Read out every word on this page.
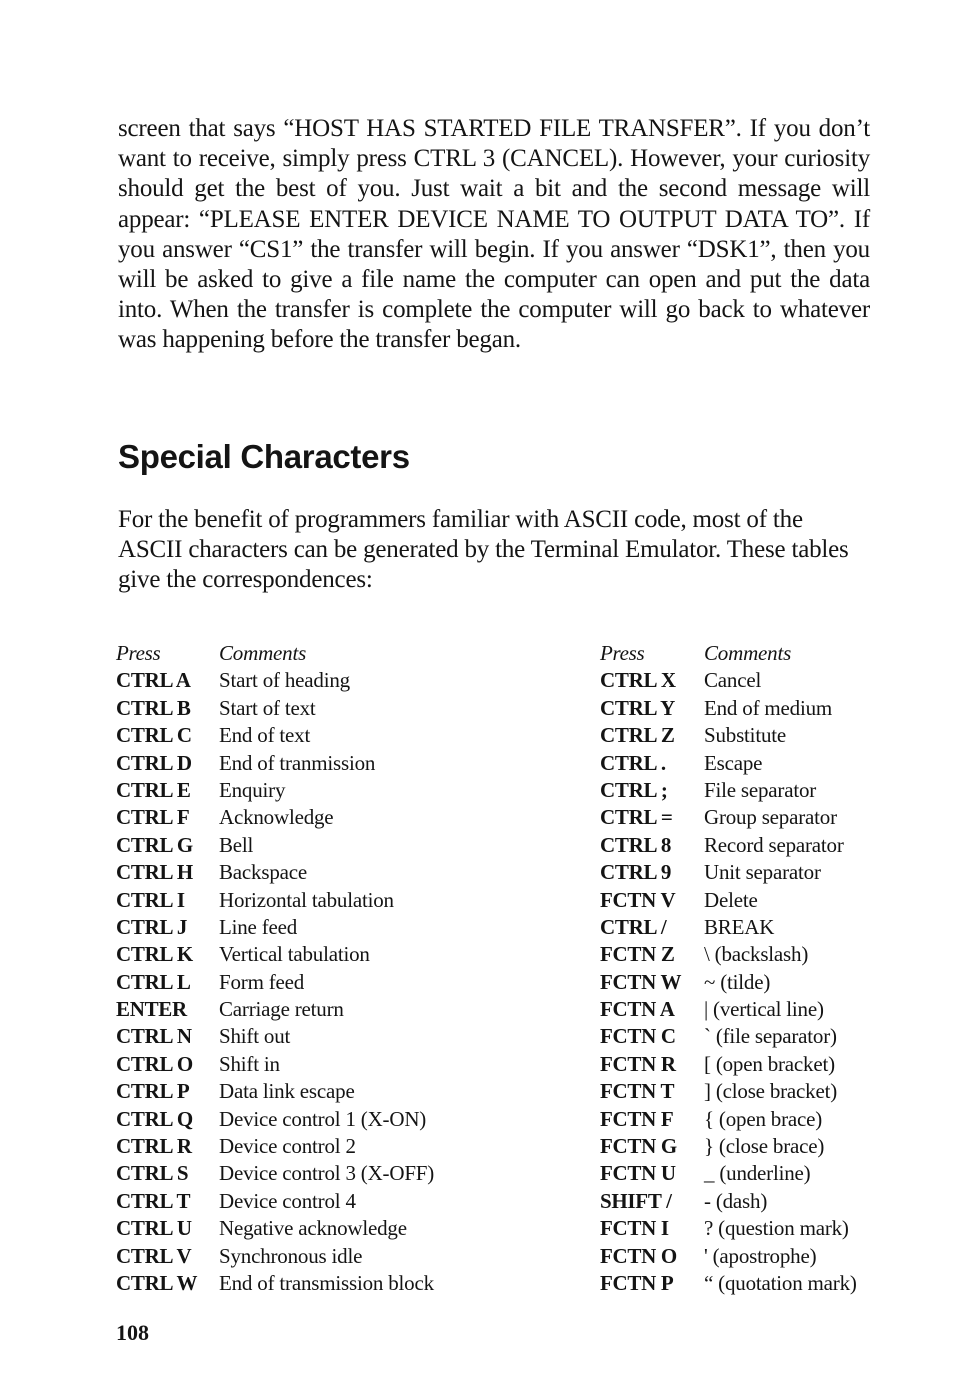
screen that says “HOST HAS STARTED FILE TRANSFER”. If you don’t want to receive, simply press CTRL 3 (CANCEL). However, your curiosity should get the best of you. Just wait a bit and the second message will appear: “PLEASE ENTER DEVICE NAME TO OUTPUT DATA TO”. If you answer “CS1” the transfer will begin. If you answer “DSK1”, then you will be asked to give a file name the computer can open and put the data into. When the transfer is complete the computer will go back to whatever was happening before the transfer began.

Special Characters

For the benefit of programmers familiar with ASCII code, most of the ASCII characters can be generated by the Terminal Emulator. These tables give the correspondences:

Press	Comments
CTRL A Start of heading
CTRL B Start of text
CTRL C End of text
CTRL D End of tranmission
CTRL E Enquiry
CTRL F Acknowledge
CTRL G Bell
CTRL H Backspace
CTRL I Horizontal tabulation
CTRL J Line feed
CTRL K Vertical tabulation
CTRL L Form feed
ENTER Carriage return
CTRL N Shift out
CTRL O Shift in
CTRL P Data link escape
CTRL Q Device control 1 (X-ON)
CTRL R Device control 2
CTRL S Device control 3 (X-OFF)
CTRL T Device control 4
CTRL U Negative acknowledge
CTRL V Synchronous idle
CTRL W End of transmission block
Press	Comments
CTRL X Cancel
CTRL Y End of medium
CTRL Z Substitute
CTRL . Escape
CTRL ; File separator
CTRL = Group separator
CTRL 8 Record separator
CTRL 9 Unit separator
FCTN V Delete
CTRL / BREAK
FCTN Z \ (backslash)
FCTN W ~ (tilde)
FCTN A | (vertical line)
FCTN C ` (file separator)
FCTN R [ (open bracket)
FCTN T ] (close bracket)
FCTN F { (open brace)
FCTN G } (close brace)
FCTN U _ (underline)
SHIFT / - (dash)
FCTN I ? (question mark)
FCTN O ' (apostrophe)
FCTN P “ (quotation mark)
108
